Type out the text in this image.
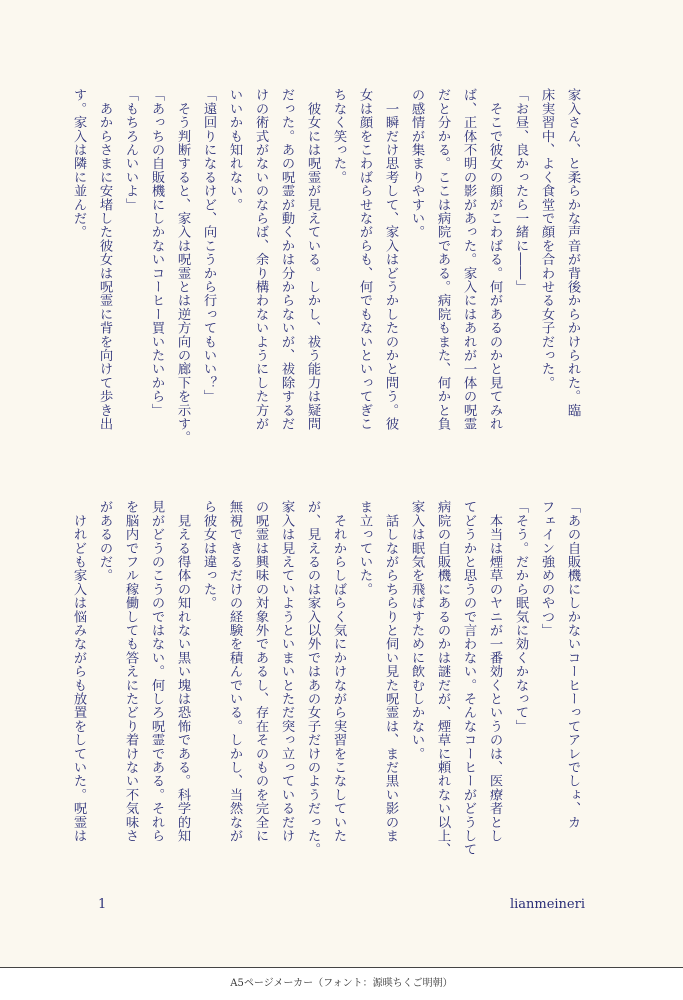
家入さん、と柔らかな声音が背後からかけられた。臨

床実習中、よく食堂で顔を合わせる女子だった。

「お昼、良かったら一緒に――」

　そこで彼女の顔がこわばる。何があるのかと見てみれ

ば、正体不明の影があった。家入にはあれが一体の呪霊

だと分かる。ここは病院である。病院もまた、何かと負

の感情が集まりやすい。

　一瞬だけ思考して、家入はどうかしたのかと問う。彼

女は顔をこわばらせながらも、何でもないといってぎこ

ちなく笑った。

　彼女には呪霊が見えている。しかし、祓う能力は疑問

だった。あの呪霊が動くかは分からないが、祓除するだ

けの術式がないのならば、余り構わないようにした方が

いいかも知れない。

「遠回りになるけど、向こうから行ってもいい？」

　そう判断すると、家入は呪霊とは逆方向の廊下を示す。

「あっちの自販機にしかないコーヒー買いたいから」

「もちろんいいよ」

　あからさまに安堵した彼女は呪霊に背を向けて歩き出

す。家入は隣に並んだ。

「あの自販機にしかないコーヒーってアレでしょ、カ

フェイン強めのやつ」

「そう。だから眠気に効くかなって」

　本当は煙草のヤニが一番効くというのは、医療者とし

てどうかと思うので言わない。そんなコーヒーがどうして

病院の自販機にあるのかは謎だが、煙草に頼れない以上、

家入は眠気を飛ばすために飲むしかない。

　話しながらちらりと伺い見た呪霊は、まだ黒い影のま

ま立っていた。

　それからしばらく気にかけながら実習をこなしていた

が、見えるのは家入以外ではあの女子だけのようだった。

家入は見えていようといまいとただ突っ立っているだけ

の呪霊は興味の対象外であるし、存在そのものを完全に

無視できるだけの経験を積んでいる。しかし、当然なが

ら彼女は違った。

　見える得体の知れない黒い塊は恐怖である。科学的知

見がどうのこうのではない。何しろ呪霊である。それら

を脳内でフル稼働しても答えにたどり着けない不気味さ

があるのだ。

　けれども家入は悩みながらも放置をしていた。呪霊は

1	lianmeineri
A5ページメーカー（フォント：源暎ちくご明朝）
